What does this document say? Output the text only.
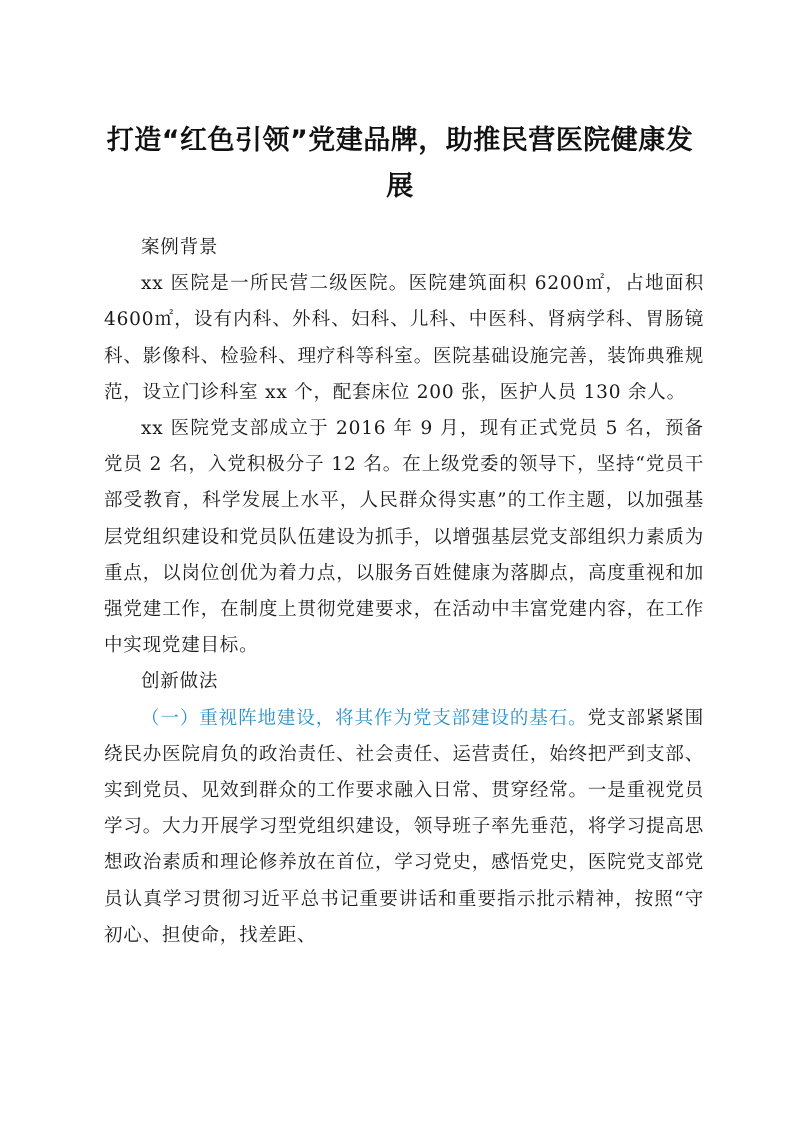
打造“红色引领”党建品牌，助推民营医院健康发展

案例背景

xx 医院是一所民营二级医院。医院建筑面积 6200㎡，占地面积 4600㎡，设有内科、外科、妇科、儿科、中医科、肾病学科、胃肠镜科、影像科、检验科、理疗科等科室。医院基础设施完善，装饰典雅规范，设立门诊科室 xx 个，配套床位 200 张，医护人员 130 余人。

xx 医院党支部成立于 2016 年 9 月，现有正式党员 5 名，预备党员 2 名，入党积极分子 12 名。在上级党委的领导下，坚持“党员干部受教育，科学发展上水平，人民群众得实惠”的工作主题，以加强基层党组织建设和党员队伍建设为抓手，以增强基层党支部组织力素质为重点，以岗位创优为着力点，以服务百姓健康为落脚点，高度重视和加强党建工作，在制度上贯彻党建要求，在活动中丰富党建内容，在工作中实现党建目标。

创新做法

（一）重视阵地建设，将其作为党支部建设的基石。党支部紧紧围绕民办医院肩负的政治责任、社会责任、运营责任，始终把严到支部、实到党员、见效到群众的工作要求融入日常、贯穿经常。一是重视党员学习。大力开展学习型党组织建设，领导班子率先垂范，将学习提高思想政治素质和理论修养放在首位，学习党史，感悟党史，医院党支部党员认真学习贯彻习近平总书记重要讲话和重要指示批示精神，按照“守初心、担使命，找差距、
